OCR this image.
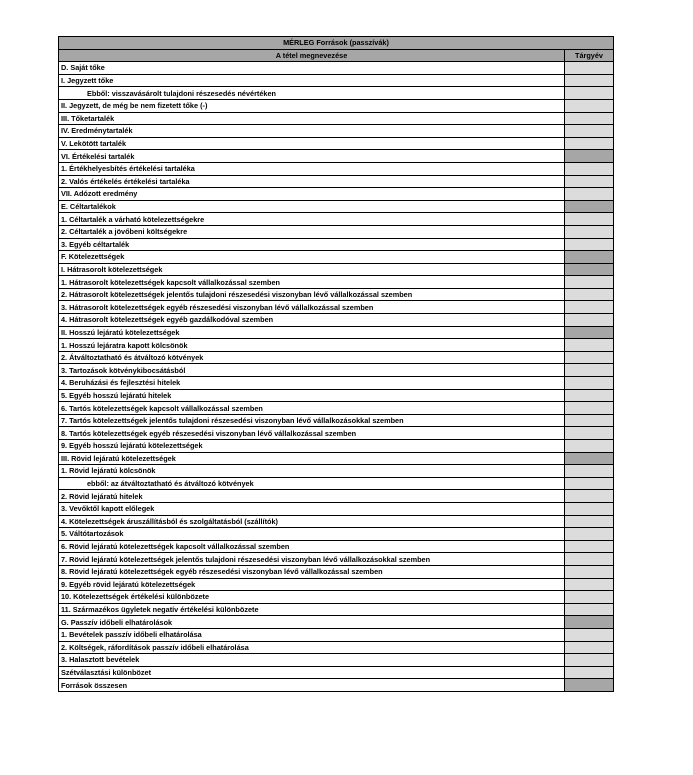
MÉRLEG Források (passzívák)	
A tétel megnevezése	Tárgyév
D. Saját tőke	
I. Jegyzett tőke	
Ebből: visszavásárolt tulajdoni részesedés névértéken	
II. Jegyzett, de még be nem fizetett tőke (-)	
III. Tőketartalék	
IV. Eredménytartalék	
V. Lekötött tartalék	
VI. Értékelési tartalék	
1. Értékhelyesbítés értékelési tartaléka	
2. Valós értékelés értékelési tartaléka	
VII. Adózott eredmény	
E. Céltartalékok	
1. Céltartalék a várható kötelezettségekre	
2. Céltartalék a jövőbeni költségekre	
3. Egyéb céltartalék	
F. Kötelezettségek	
I. Hátrasorolt kötelezettségek	
1. Hátrasorolt kötelezettségek kapcsolt vállalkozással szemben	
2. Hátrasorolt kötelezettségek jelentős tulajdoni részesedési viszonyban lévő vállalkozással szemben	
3. Hátrasorolt kötelezettségek egyéb részesedési viszonyban lévő vállalkozással szemben	
4. Hátrasorolt kötelezettségek egyéb gazdálkodóval szemben	
II. Hosszú lejáratú kötelezettségek	
1. Hosszú lejáratra kapott kölcsönök	
2. Átváltoztatható és átváltozó kötvények	
3. Tartozások kötvénykibocsátásból	
4. Beruházási és fejlesztési hitelek	
5. Egyéb hosszú lejáratú hitelek	
6. Tartós kötelezettségek kapcsolt vállalkozással szemben	
7. Tartós kötelezettségek jelentős tulajdoni részesedési viszonyban lévő vállalkozásokkal szemben	
8. Tartós kötelezettségek egyéb részesedési viszonyban lévő vállalkozással szemben	
9. Egyéb hosszú lejáratú kötelezettségek	
III. Rövid lejáratú kötelezettségek	
1. Rövid lejáratú kölcsönök	
ebből: az átváltoztatható és átváltozó kötvények	
2. Rövid lejáratú hitelek	
3. Vevőktől kapott előlegek	
4. Kötelezettségek áruszállításból és szolgáltatásból (szállítók)	
5. Váltótartozások	
6. Rövid lejáratú kötelezettségek kapcsolt vállalkozással szemben	
7. Rövid lejáratú kötelezettségek jelentős tulajdoni részesedési viszonyban lévő vállalkozásokkal szemben	
8. Rövid lejáratú kötelezettségek egyéb részesedési viszonyban lévő vállalkozással szemben	
9. Egyéb rövid lejáratú kötelezettségek	
10. Kötelezettségek értékelési különbözete	
11. Származékos ügyletek negatív értékelési különbözete	
G. Passzív időbeli elhatárolások	
1. Bevételek passzív időbeli elhatárolása	
2. Költségek, ráfordítások passzív időbeli elhatárolása	
3. Halasztott bevételek	
Szétválasztási különbözet	
Források összesen	
